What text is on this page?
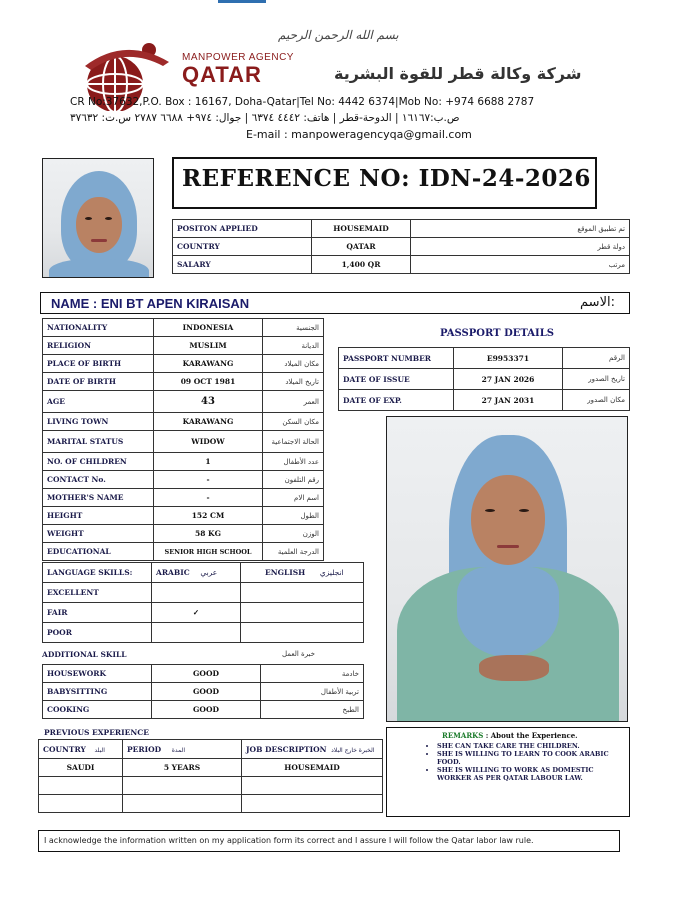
بسم الله الرحمن الرحيم
MANPOWER AGENCY
QATAR	شركة وكالة قطر للقوة البشرية
CR No:37632,P.O. Box : 16167, Doha-Qatar|Tel No: 4442 6374|Mob No: +974 6688 2787
ص.ب:١٦١٦٧ | الدوحة-قطر | هاتف: ٤٤٤٢ ٦٣٧٤ | جوال: ٩٧٤+ ٦٦٨٨ ٢٧٨٧ س.ت: ٣٧٦٣٢
E-mail : manpoweragencyqa@gmail.com
REFERENCE NO: IDN-24-2026
POSITON APPLIED	HOUSEMAID	تم تطبيق الموقع
COUNTRY	QATAR	دولة قطر
SALARY	1,400 QR	مرتب
NAME : ENI BT APEN KIRAISAN	الاسم:
NATIONALITY	INDONESIA	الجنسية
RELIGION	MUSLIM	الديانة
PLACE OF BIRTH	KARAWANG	مكان الميلاد
DATE OF BIRTH	09 OCT 1981	تاريخ الميلاد
AGE	43	العمر
LIVING TOWN	KARAWANG	مكان السكن
MARITAL STATUS	WIDOW	الحالة الاجتماعية
NO. OF CHILDREN	1	عدد الأطفال
CONTACT No.	-	رقم التلفون
MOTHER'S NAME	-	اسم الام
HEIGHT	152 CM	الطول
WEIGHT	58 KG	الوزن
EDUCATIONAL	SENIOR HIGH SCHOOL	الدرجة العلمية
PASSPORT DETAILS
PASSPORT NUMBER	E9953371	الرقم
DATE OF ISSUE	27 JAN 2026	تاريخ الصدور
DATE OF EXP.	27 JAN 2031	مكان الصدور
LANGUAGE SKILLS:	ARABIC عربي	ENGLISH انجليزي
EXCELLENT		
FAIR	✓	
POOR		
ADDITIONAL SKILL	خبرة العمل
HOUSEWORK	GOOD	خادمة
BABYSITTING	GOOD	تربية الأطفال
COOKING	GOOD	الطبخ
PREVIOUS EXPERIENCE
COUNTRY البلد	PERIOD المدة	JOB DESCRIPTION الخبرة خارج البلاد
SAUDI	5 YEARS	HOUSEMAID

REMARKS : About the Experience.
• SHE CAN TAKE CARE THE CHILDREN.
• SHE IS WILLING TO LEARN TO COOK ARABIC FOOD.
• SHE IS WILLING TO WORK AS DOMESTIC WORKER AS PER QATAR LABOUR LAW.
I acknowledge the information written on my application form its correct and I assure I will follow the Qatar labor law rule.
